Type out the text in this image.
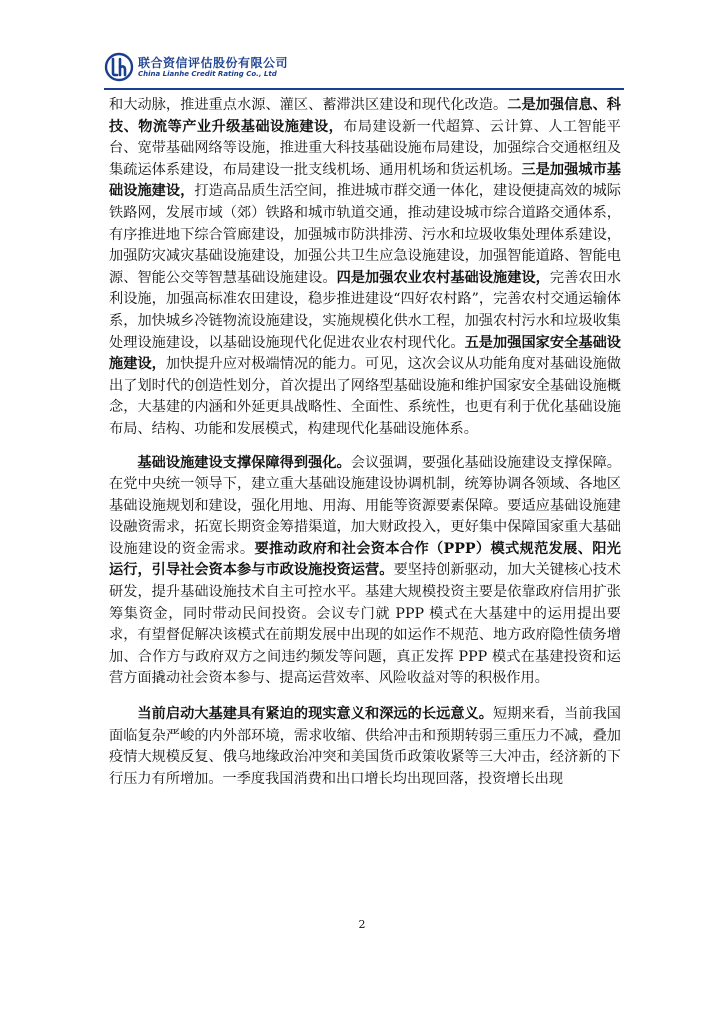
联合资信评估股份有限公司
China Lianhe Credit Rating Co., Ltd

和大动脉，推进重点水源、灌区、蓄滞洪区建设和现代化改造。二是加强信息、科技、物流等产业升级基础设施建设，布局建设新一代超算、云计算、人工智能平台、宽带基础网络等设施，推进重大科技基础设施布局建设，加强综合交通枢纽及集疏运体系建设，布局建设一批支线机场、通用机场和货运机场。三是加强城市基础设施建设，打造高品质生活空间，推进城市群交通一体化，建设便捷高效的城际铁路网，发展市域（郊）铁路和城市轨道交通，推动建设城市综合道路交通体系，有序推进地下综合管廊建设，加强城市防洪排涝、污水和垃圾收集处理体系建设，加强防灾减灾基础设施建设，加强公共卫生应急设施建设，加强智能道路、智能电源、智能公交等智慧基础设施建设。四是加强农业农村基础设施建设，完善农田水利设施，加强高标准农田建设，稳步推进建设“四好农村路”，完善农村交通运输体系，加快城乡冷链物流设施建设，实施规模化供水工程，加强农村污水和垃圾收集处理设施建设，以基础设施现代化促进农业农村现代化。五是加强国家安全基础设施建设，加快提升应对极端情况的能力。可见，这次会议从功能角度对基础设施做出了划时代的创造性划分，首次提出了网络型基础设施和维护国家安全基础设施概念，大基建的内涵和外延更具战略性、全面性、系统性，也更有利于优化基础设施布局、结构、功能和发展模式，构建现代化基础设施体系。

基础设施建设支撑保障得到强化。会议强调，要强化基础设施建设支撑保障。在党中央统一领导下，建立重大基础设施建设协调机制，统筹协调各领域、各地区基础设施规划和建设，强化用地、用海、用能等资源要素保障。要适应基础设施建设融资需求，拓宽长期资金筹措渠道，加大财政投入，更好集中保障国家重大基础设施建设的资金需求。要推动政府和社会资本合作（PPP）模式规范发展、阳光运行，引导社会资本参与市政设施投资运营。要坚持创新驱动，加大关键核心技术研发，提升基础设施技术自主可控水平。基建大规模投资主要是依靠政府信用扩张筹集资金，同时带动民间投资。会议专门就 PPP 模式在大基建中的运用提出要求，有望督促解决该模式在前期发展中出现的如运作不规范、地方政府隐性债务增加、合作方与政府双方之间违约频发等问题，真正发挥 PPP 模式在基建投资和运营方面撬动社会资本参与、提高运营效率、风险收益对等的积极作用。

当前启动大基建具有紧迫的现实意义和深远的长远意义。短期来看，当前我国面临复杂严峻的内外部环境，需求收缩、供给冲击和预期转弱三重压力不减，叠加疫情大规模反复、俄乌地缘政治冲突和美国货币政策收紧等三大冲击，经济新的下行压力有所增加。一季度我国消费和出口增长均出现回落，投资增长出现

2
